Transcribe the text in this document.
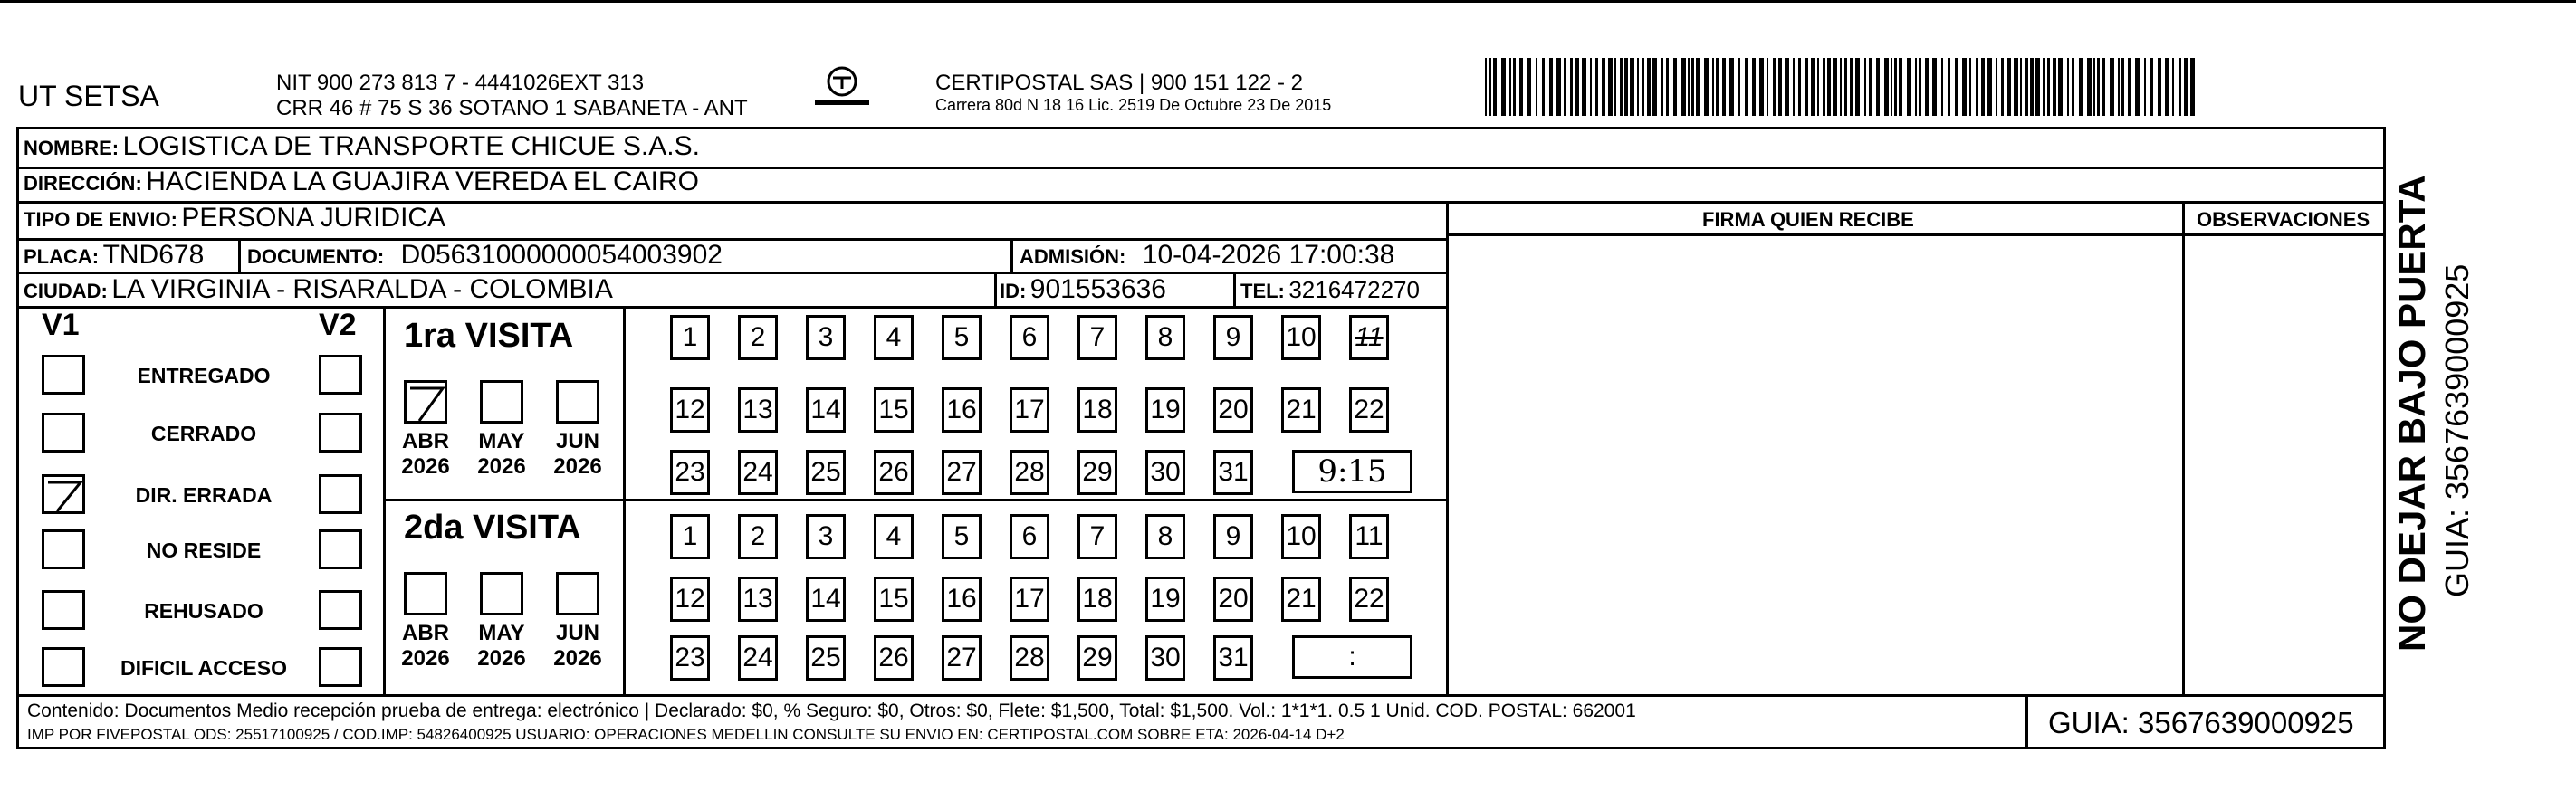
UT SETSA	NIT 900 273 813 7 - 4441026EXT 313
CRR 46 # 75 S 36 SOTANO 1 SABANETA - ANT
CERTIPOSTAL SAS | 900 151 122 - 2
Carrera 80d N 18 16 Lic. 2519 De Octubre 23 De 2015
NOMBRE: LOGISTICA DE TRANSPORTE CHICUE S.A.S.
DIRECCIÓN: HACIENDA LA GUAJIRA VEREDA EL CAIRO
TIPO DE ENVIO: PERSONA JURIDICA	FIRMA QUIEN RECIBE	OBSERVACIONES
PLACA: TND678 DOCUMENTO: D05631000000054003902	ADMISIÓN: 10-04-2026 17:00:38
CIUDAD: LA VIRGINIA - RISARALDA - COLOMBIA	ID: 901553636	TEL: 3216472270
V1	V2
ENTREGADO
CERRADO
DIR. ERRADA
NO RESIDE
REHUSADO
DIFICIL ACCESO
1ra VISITA
2da VISITA
ABR
2026
MAY
2026
JUN
2026
ABR
2026
MAY
2026
JUN
2026
1	2	3	4	5	6	7	8	9	10 11
12 13 14 15 16 17 18 19 20 21 22
23 24 25 26 27 28 29 30 31	9:15
1	2	3	4	5	6	7	8	9	10 11
12 13 14 15 16 17 18 19 20 21 22
23 24 25 26 27 28 29 30 31	:
Contenido: Documentos Medio recepción prueba de entrega: electrónico | Declarado: $0, % Seguro: $0, Otros: $0, Flete: $1,500, Total: $1,500. Vol.: 1*1*1. 0.5 1 Unid. COD. POSTAL: 662001
IMP POR FIVEPOSTAL ODS: 25517100925 / COD.IMP: 54826400925 USUARIO: OPERACIONES MEDELLIN CONSULTE SU ENVIO EN: CERTIPOSTAL.COM SOBRE ETA: 2026-04-14 D+2	GUIA: 3567639000925
NO DEJAR BAJO PUERTA GUIA: 3567639000925
